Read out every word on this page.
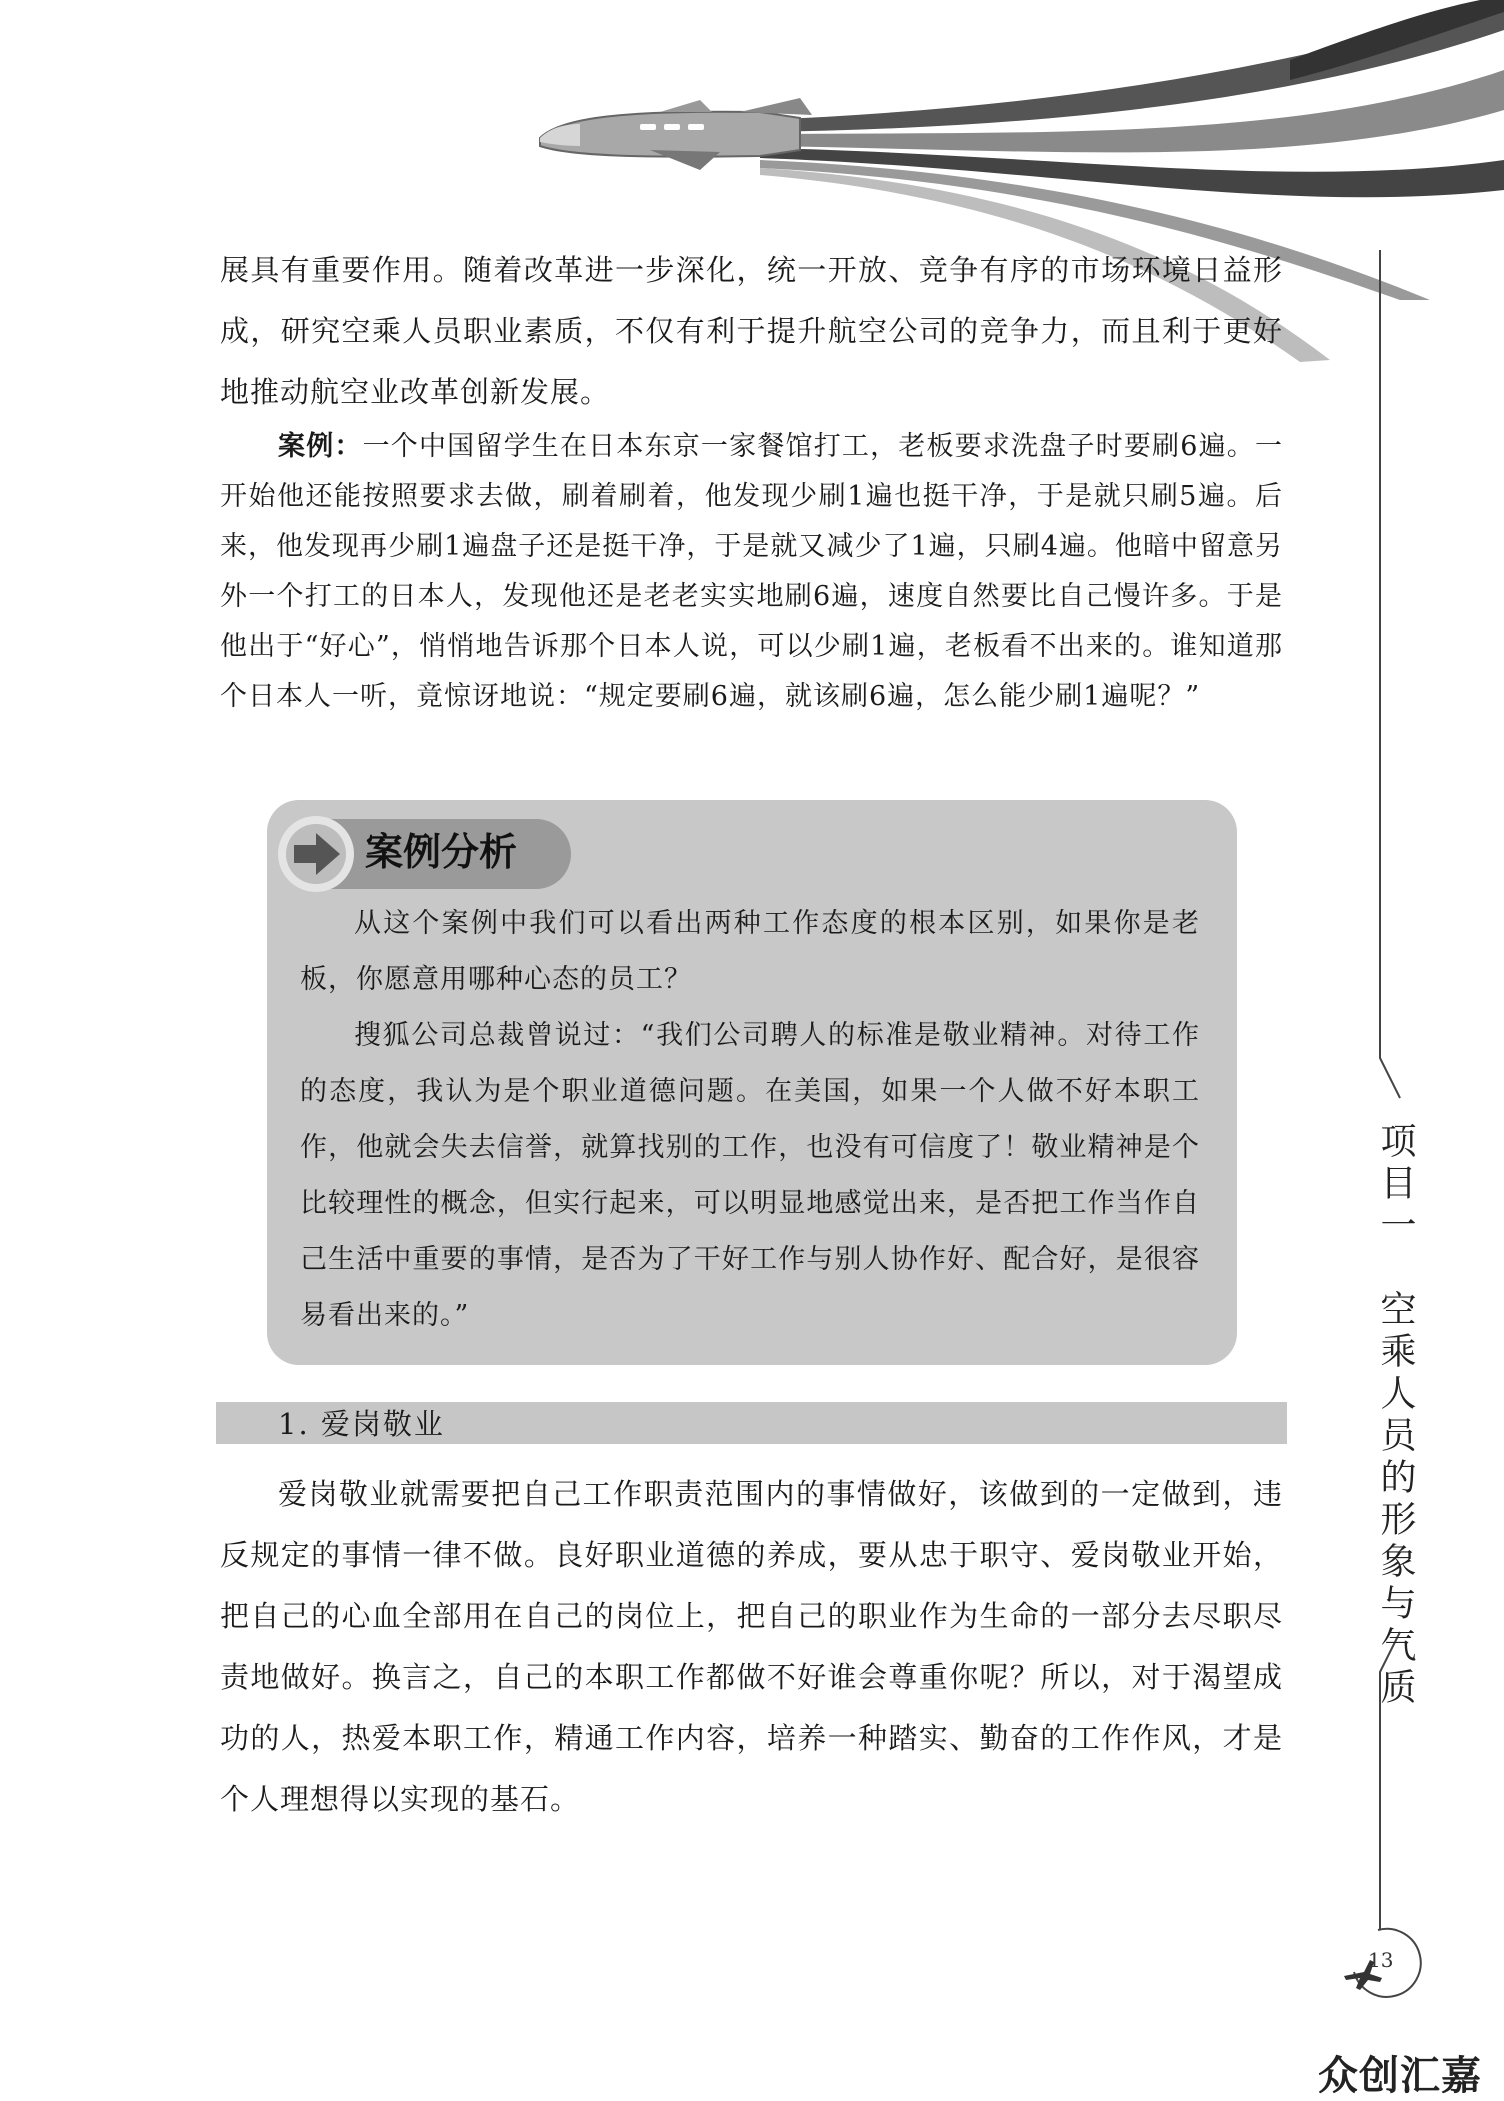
展具有重要作用。随着改革进一步深化，统一开放、竞争有序的市场环境日益形成，研究空乘人员职业素质，不仅有利于提升航空公司的竞争力，而且利于更好地推动航空业改革创新发展。

案例：一个中国留学生在日本东京一家餐馆打工，老板要求洗盘子时要刷6遍。一开始他还能按照要求去做，刷着刷着，他发现少刷1遍也挺干净，于是就只刷5遍。后来，他发现再少刷1遍盘子还是挺干净，于是就又减少了1遍，只刷4遍。他暗中留意另外一个打工的日本人，发现他还是老老实实地刷6遍，速度自然要比自己慢许多。于是他出于“好心”，悄悄地告诉那个日本人说，可以少刷1遍，老板看不出来的。谁知道那个日本人一听，竟惊讶地说：“规定要刷6遍，就该刷6遍，怎么能少刷1遍呢？”

案例分析

从这个案例中我们可以看出两种工作态度的根本区别，如果你是老板，你愿意用哪种心态的员工？

搜狐公司总裁曾说过：“我们公司聘人的标准是敬业精神。对待工作的态度，我认为是个职业道德问题。在美国，如果一个人做不好本职工作，他就会失去信誉，就算找别的工作，也没有可信度了！敬业精神是个比较理性的概念，但实行起来，可以明显地感觉出来，是否把工作当作自己生活中重要的事情，是否为了干好工作与别人协作好、配合好，是很容易看出来的。”

1. 爱岗敬业

爱岗敬业就需要把自己工作职责范围内的事情做好，该做到的一定做到，违反规定的事情一律不做。良好职业道德的养成，要从忠于职守、爱岗敬业开始，把自己的心血全部用在自己的岗位上，把自己的职业作为生命的一部分去尽职尽责地做好。换言之，自己的本职工作都做不好谁会尊重你呢？所以，对于渴望成功的人，热爱本职工作，精通工作内容，培养一种踏实、勤奋的工作作风，才是个人理想得以实现的基石。

项目一　空乘人员的形象与气质
13
众创汇嘉
